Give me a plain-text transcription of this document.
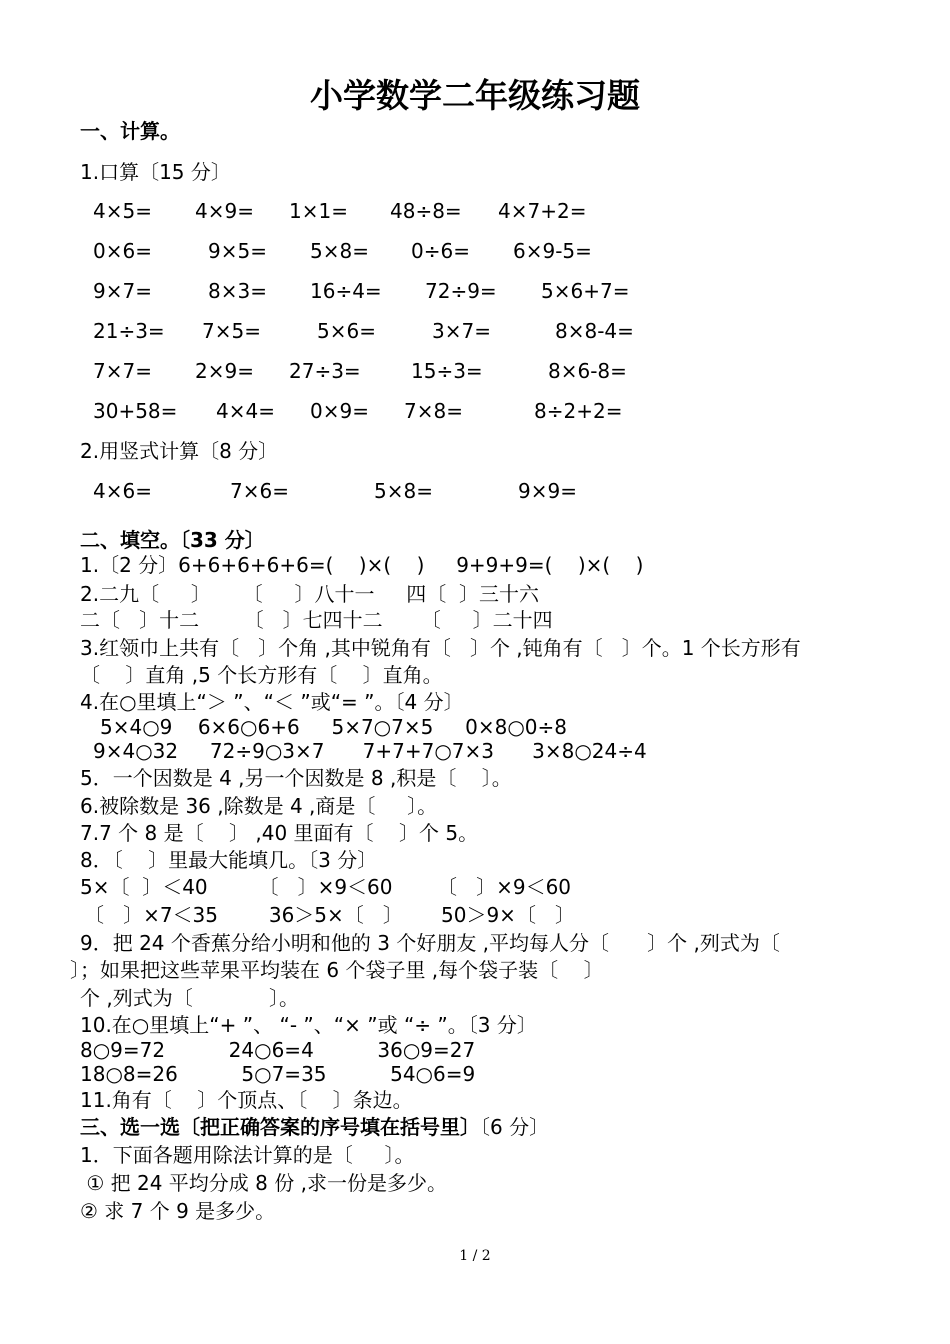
小学数学二年级练习题
一、计算。
1.口算〔15 分〕
4×5= 4×9= 1×1= 48÷8= 4×7+2=
0×6=	9×5= 5×8= 0÷6= 6×9-5=
9×7=	8×3= 16÷4= 72÷9= 5×6+7=
21÷3= 7×5=	5×6=	3×7=	8×8-4=
7×7= 2×9= 27÷3=	15÷3=	8×6-8=
30+58= 4×4= 0×9= 7×8=	8÷2+2=
2.用竖式计算〔8 分〕
4×6=	7×6=	5×8=	9×9=
二、填空。〔33 分〕
1.〔2 分〕6+6+6+6+6=(    )×(    )     9+9+9=(    )×(    )
2.二九〔     〕     〔     〕八十一     四〔  〕三十六
二〔   〕十二       〔   〕七四十二      〔     〕二十四
3.红领巾上共有〔   〕个角 ,其中锐角有〔   〕个 ,钝角有〔   〕个。1 个长方形有
〔    〕直角 ,5 个长方形有〔    〕直角。
4.在○里填上“＞ ”、“＜ ”或“= ”。〔4 分〕
5×4○9    6×6○6+6     5×7○7×5     0×8○0÷8
9×4○32     72÷9○3×7      7+7+7○7×3      3×8○24÷4
5．一个因数是 4 ,另一个因数是 8 ,积是〔    〕。
6.被除数是 36 ,除数是 4 ,商是〔     〕。
7.7 个 8 是〔    〕 ,40 里面有〔    〕个 5。
8．〔    〕里最大能填几。〔3 分〕
5×〔  〕＜40        〔   〕×9＜60       〔   〕×9＜60
〔   〕×7＜35        36＞5×〔   〕      50＞9×〔   〕
9．把 24 个香蕉分给小明和他的 3 个好朋友 ,平均每人分〔      〕个 ,列式为〔
〕；如果把这些苹果平均装在 6 个袋子里 ,每个袋子装〔    〕
个 ,列式为〔            〕。
10.在○里填上“+ ”、 “- ”、“× ”或 “÷ ”。〔3 分〕
8○9=72          24○6=4          36○9=27
18○8=26          5○7=35          54○6=9
11.角有〔    〕个顶点、〔    〕条边。
三、选一选〔把正确答案的序号填在括号里〕〔6 分〕
1．下面各题用除法计算的是〔     〕。
① 把 24 平均分成 8 份 ,求一份是多少。
② 求 7 个 9 是多少。
1 / 2
